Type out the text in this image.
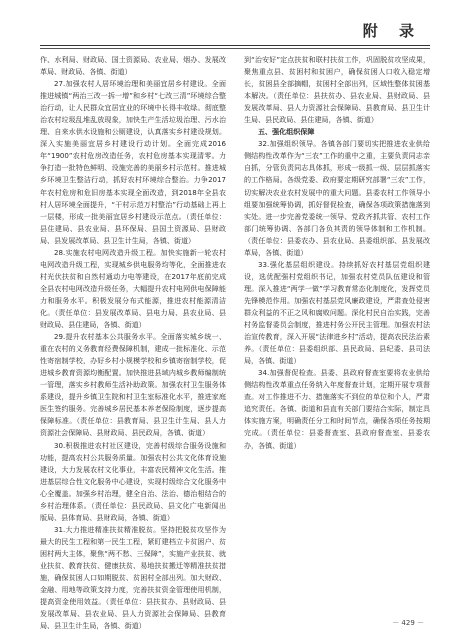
附 录

作、水利局、财政局、国土资源局、农业局、烟办、发展改革局、财政局、各镇、街道）

27.加强农村人居环境治理和美丽宜居乡村建设。全面推进城镇“两治三改一拆一增”和乡村“七改三清”环境综合整治行动，让人民群众宜居宜业的环境中长得丰收绿。彻底整治农村垃圾乱堆乱放现象，加快生产生活垃圾治理、污水治理、自来水供水设施和公厕建设，认真落实乡村建设规划。深入实施美丽宜居乡村建设行动计划。全面完成2016年“1900”农村危房改造任务，农村危房基本实现清零。力争打造一批特色鲜明、设施完善的美丽乡村示范村。推进城乡环境卫生整洁行动，抓好农村环境综合整治。力争2017年农村危房和危旧房基本实现全面改造，到2018年全县农村人居环境全面提升，“干村示范万村整治”行动基础上再上一层楼，形成一批美丽宜居乡村建设示范点。（责任单位：县住建局、县农业局、县环保局、县国土资源局、县财政局、县发展改革局、县卫生计生局，各镇、街道）

28.实施农村电网改造升级工程。加快实施新一轮农村电网改造升级工程，实现城乡供电服务均等化，全面推进农村光伏扶贫和自然村通动力电等建设，在2017年底前完成全县农村电网改造升级任务，大幅提升农村电网供电保障能力和服务水平。积极发展分布式能源，推进农村能源清洁化。（责任单位：县发展改革局、县电力局、县农业局、县财政局、县住建局，各镇、街道）

29.提升农村基本公共服务水平。全面落实城乡统一、重在农村的义务教育经费保障机制，建成一批标准化、示范性寄宿制学校，办好乡村小规模学校和乡镇寄宿制学校，促进城乡教育资源均衡配置。加快推进县域内城乡教师编制统一管理，落实乡村教师生活补助政策。加强农村卫生服务体系建设，提升乡镇卫生院和村卫生室标准化水平，推进家庭医生签约服务。完善城乡居民基本养老保险制度，逐步提高保障标准。（责任单位：县教育局、县卫生计生局、县人力资源社会保障局、县财政局、县民政局，各镇、街道）

30.积极推进农村社区建设，完善村级综合服务设施和功能，提高农村公共服务质量。加强农村公共文化体育设施建设，大力发展农村文化事业，丰富农民精神文化生活。推进基层综合性文化服务中心建设，实现村级综合文化服务中心全覆盖。加强乡村治理，健全自治、法治、德治相结合的乡村治理体系。（责任单位：县民政局、县文化广电新闻出版局、县体育局、县财政局，各镇、街道）

31.大力推进精准扶贫精准脱贫。坚持把脱贫攻坚作为最大的民生工程和第一民生工程，紧盯建档立卡贫困户、贫困村两大主体，聚焦“两不愁、三保障”，实施产业扶贫、就业扶贫、教育扶贫、健康扶贫、易地扶贫搬迁等精准扶贫措施，确保贫困人口如期脱贫、贫困村全部出列。加大财政、金融、用地等政策支持力度，完善扶贫资金管理使用机制，提高资金使用效益。（责任单位：县扶贫办、县财政局、县发展改革局、县农业局、县人力资源社会保障局、县教育局、县卫生计生局，各镇、街道）

到“治安好”定点扶贫和联村扶贫工作，巩固脱贫攻坚成果，聚焦重点县、贫困村和贫困户，确保贫困人口收入稳定增长，贫困县全部摘帽，贫困村全部出列，区域性整体贫困基本解决。（责任单位：县扶贫办、县农业局、县财政局、县发展改革局、县人力资源社会保障局、县教育局、县卫生计生局、县民政局、县住建局，各镇、街道）

五、强化组织保障

32.加强组织领导。各镇各部门要切实把推进农业供给侧结构性改革作为“三农”工作的重中之重，主要负责同志亲自抓，分管负责同志具体抓，形成一级抓一级、层层抓落实的工作格局。各级党委、政府要定期研究部署“三农”工作，切实解决农业农村发展中的重大问题。县委农村工作领导小组要加强统筹协调，抓好督促检查，确保各项政策措施落到实处。进一步完善党委统一领导、党政齐抓共管、农村工作部门统筹协调、各部门各负其责的领导体制和工作机制。（责任单位：县委农办、县农业局、县委组织部、县发展改革局，各镇、街道）

33.强化基层组织建设。持续抓好农村基层党组织建设，选优配强村党组织书记，加强农村党员队伍建设和管理。深入推进“两学一做”学习教育常态化制度化，发挥党员先锋模范作用。加强农村基层党风廉政建设，严肃查处侵害群众利益的不正之风和腐败问题。深化村民自治实践，完善村务监督委员会制度，推进村务公开民主管理。加强农村法治宣传教育，深入开展“法律进乡村”活动，提高农民法治素养。（责任单位：县委组织部、县民政局、县纪委、县司法局，各镇、街道）

34.加强督促检查。县委、县政府督查室要将农业供给侧结构性改革重点任务纳入年度督查计划，定期开展专项督查。对工作推进不力、措施落实不到位的单位和个人，严肃追究责任。各镇、街道和县直有关部门要结合实际，制定具体实施方案，明确责任分工和时间节点，确保各项任务按期完成。（责任单位：县委督查室、县政府督查室、县委农办，各镇、街道）

－ 429 －
